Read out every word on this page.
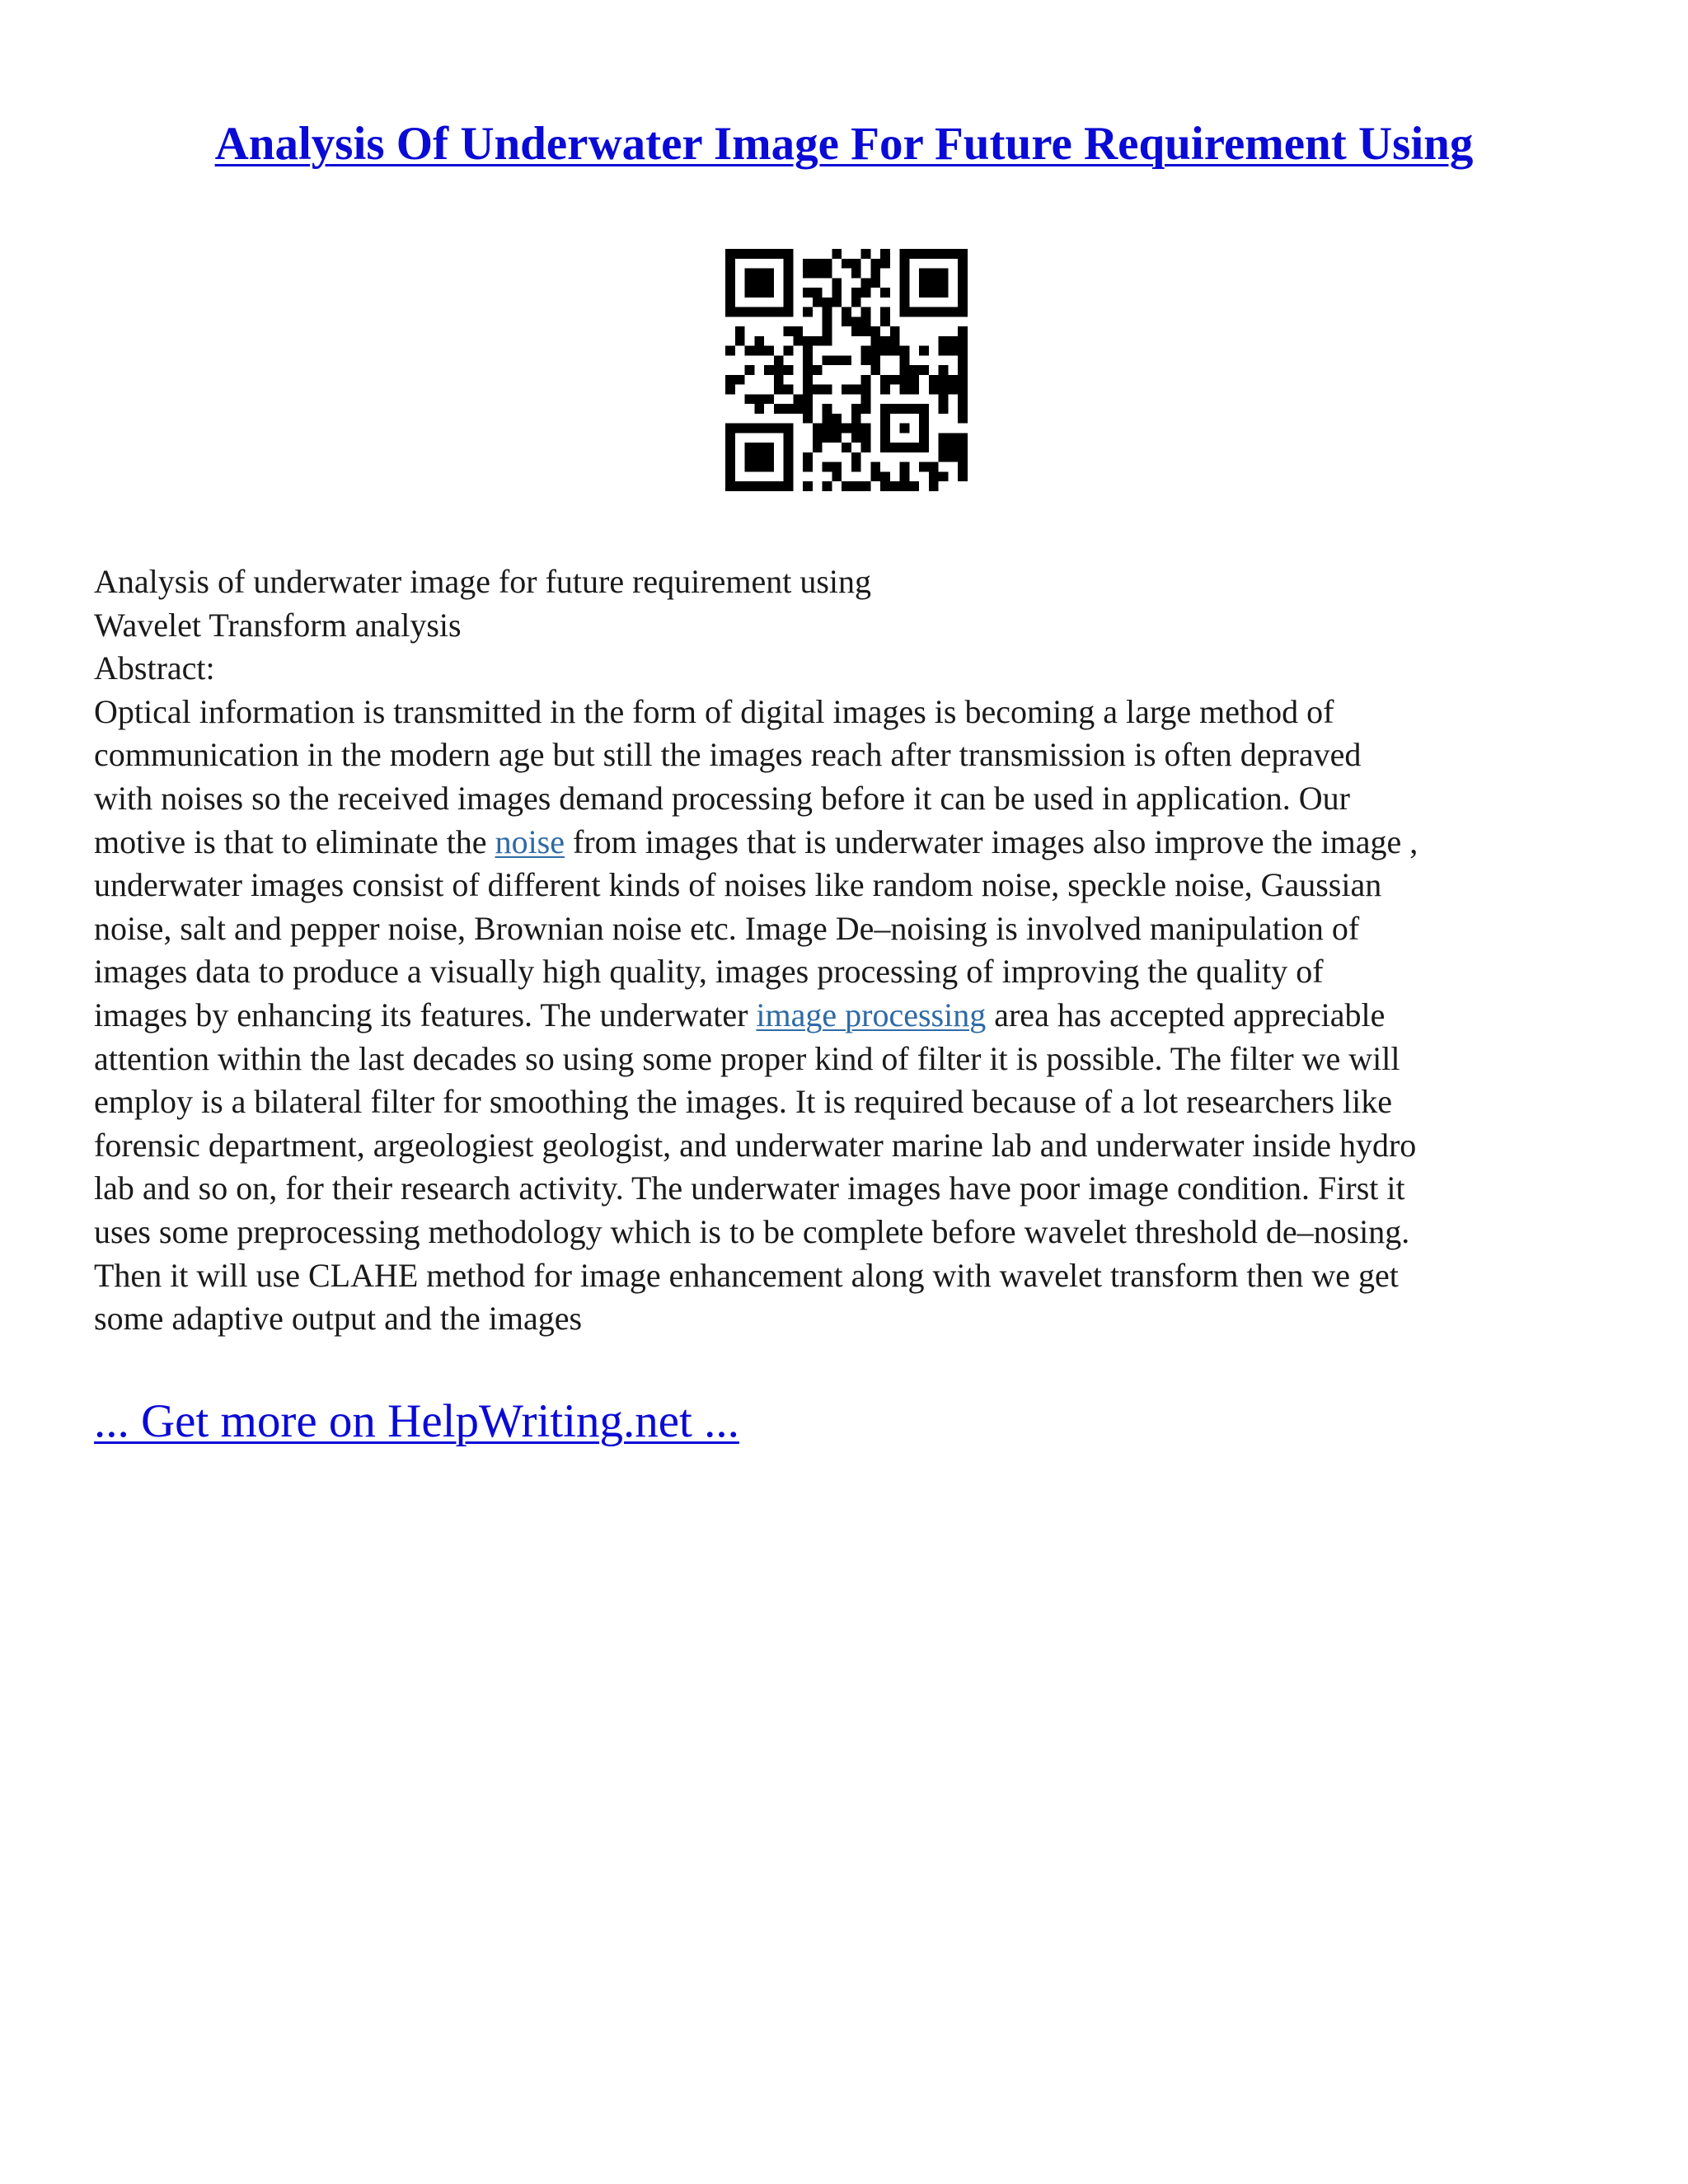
Analysis Of Underwater Image For Future Requirement Using
Analysis of underwater image for future requirement using
Wavelet Transform analysis
Abstract:
Optical information is transmitted in the form of digital images is becoming a large method of
communication in the modern age but still the images reach after transmission is often depraved
with noises so the received images demand processing before it can be used in application. Our
motive is that to eliminate the noise from images that is underwater images also improve the image ,
underwater images consist of different kinds of noises like random noise, speckle noise, Gaussian
noise, salt and pepper noise, Brownian noise etc. Image De–noising is involved manipulation of
images data to produce a visually high quality, images processing of improving the quality of
images by enhancing its features. The underwater image processing area has accepted appreciable
attention within the last decades so using some proper kind of filter it is possible. The filter we will
employ is a bilateral filter for smoothing the images. It is required because of a lot researchers like
forensic department, argeologiest geologist, and underwater marine lab and underwater inside hydro
lab and so on, for their research activity. The underwater images have poor image condition. First it
uses some preprocessing methodology which is to be complete before wavelet threshold de–nosing.
Then it will use CLAHE method for image enhancement along with wavelet transform then we get
some adaptive output and the images

... Get more on HelpWriting.net ...
